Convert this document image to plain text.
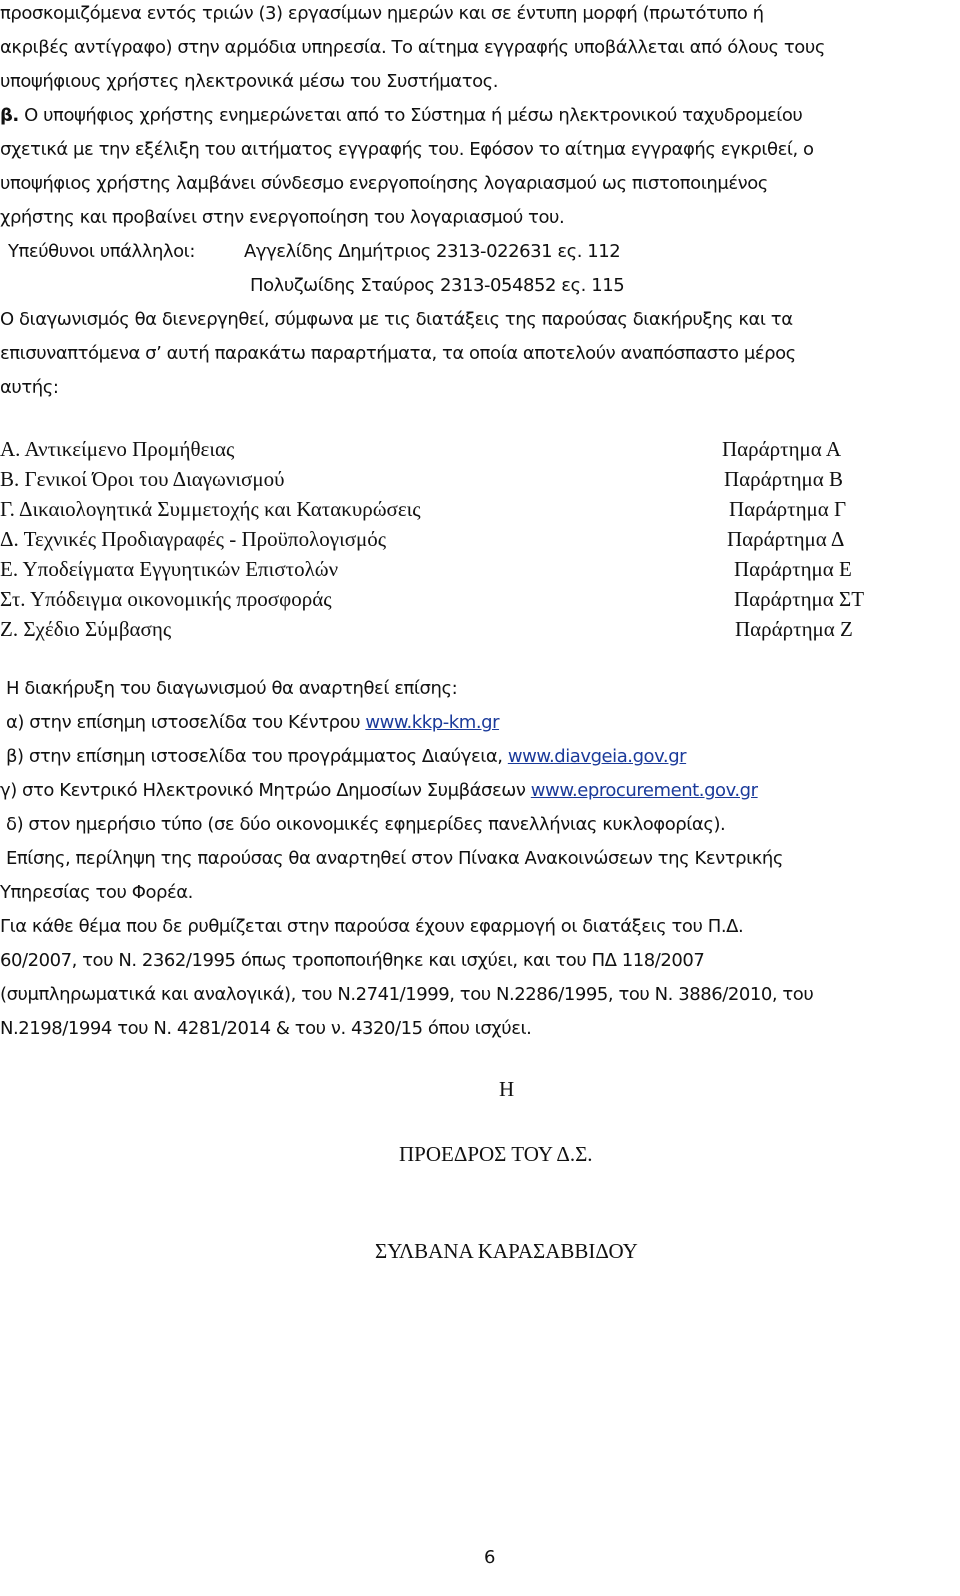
προσκομιζόμενα εντός τριών (3) εργασίμων ημερών και σε έντυπη μορφή (πρωτότυπο ή
ακριβές αντίγραφο) στην αρμόδια υπηρεσία. Το αίτημα εγγραφής υποβάλλεται από όλους τους
υποψήφιους χρήστες ηλεκτρονικά μέσω του Συστήματος.
β. Ο υποψήφιος χρήστης ενημερώνεται από το Σύστημα ή μέσω ηλεκτρονικού ταχυδρομείου
σχετικά με την εξέλιξη του αιτήματος εγγραφής του. Εφόσον το αίτημα εγγραφής εγκριθεί, ο
υποψήφιος χρήστης λαμβάνει σύνδεσμο ενεργοποίησης λογαριασμού ως πιστοποιημένος
χρήστης και προβαίνει στην ενεργοποίηση του λογαριασμού του.
Υπεύθυνοι υπάλληλοι:	Αγγελίδης Δημήτριος 2313-022631 ες. 112
Πολυζωίδης Σταύρος 2313-054852 ες. 115
Ο διαγωνισμός θα διενεργηθεί, σύμφωνα με τις διατάξεις της παρούσας διακήρυξης και τα
επισυναπτόμενα σ’ αυτή παρακάτω παραρτήματα, τα οποία αποτελούν αναπόσπαστο μέρος
αυτής:
Α. Αντικείμενο Προμήθειας	Παράρτημα Α
Β. Γενικοί Όροι του Διαγωνισμού	Παράρτημα Β
Γ. Δικαιολογητικά Συμμετοχής και Κατακυρώσεις	Παράρτημα Γ
Δ. Τεχνικές Προδιαγραφές - Προϋπολογισμός	Παράρτημα Δ
Ε. Υποδείγματα Εγγυητικών Επιστολών	Παράρτημα Ε
Στ. Υπόδειγμα οικονομικής προσφοράς	Παράρτημα ΣΤ
Ζ. Σχέδιο Σύμβασης	Παράρτημα Ζ
Η διακήρυξη του διαγωνισμού θα αναρτηθεί επίσης:
α) στην επίσημη ιστοσελίδα του Κέντρου www.kkp-km.gr
β) στην επίσημη ιστοσελίδα του προγράμματος Διαύγεια, www.diavgeia.gov.gr
γ) στο Κεντρικό Ηλεκτρονικό Μητρώο Δημοσίων Συμβάσεων www.eprocurement.gov.gr
δ) στον ημερήσιο τύπο (σε δύο οικονομικές εφημερίδες πανελλήνιας κυκλοφορίας).
Επίσης, περίληψη της παρούσας θα αναρτηθεί στον Πίνακα Ανακοινώσεων της Κεντρικής
Υπηρεσίας του Φορέα.
Για κάθε θέμα που δε ρυθμίζεται στην παρούσα έχουν εφαρμογή οι διατάξεις του Π.Δ.
60/2007, του Ν. 2362/1995 όπως τροποποιήθηκε και ισχύει, και του ΠΔ 118/2007
(συμπληρωματικά και αναλογικά), του Ν.2741/1999, του Ν.2286/1995, του Ν. 3886/2010, του
Ν.2198/1994 του Ν. 4281/2014 & του ν. 4320/15 όπου ισχύει.
Η
ΠΡΟΕΔΡΟΣ ΤΟΥ Δ.Σ.
ΣΥΛΒΑΝΑ ΚΑΡΑΣΑΒΒΙΔΟΥ
6
